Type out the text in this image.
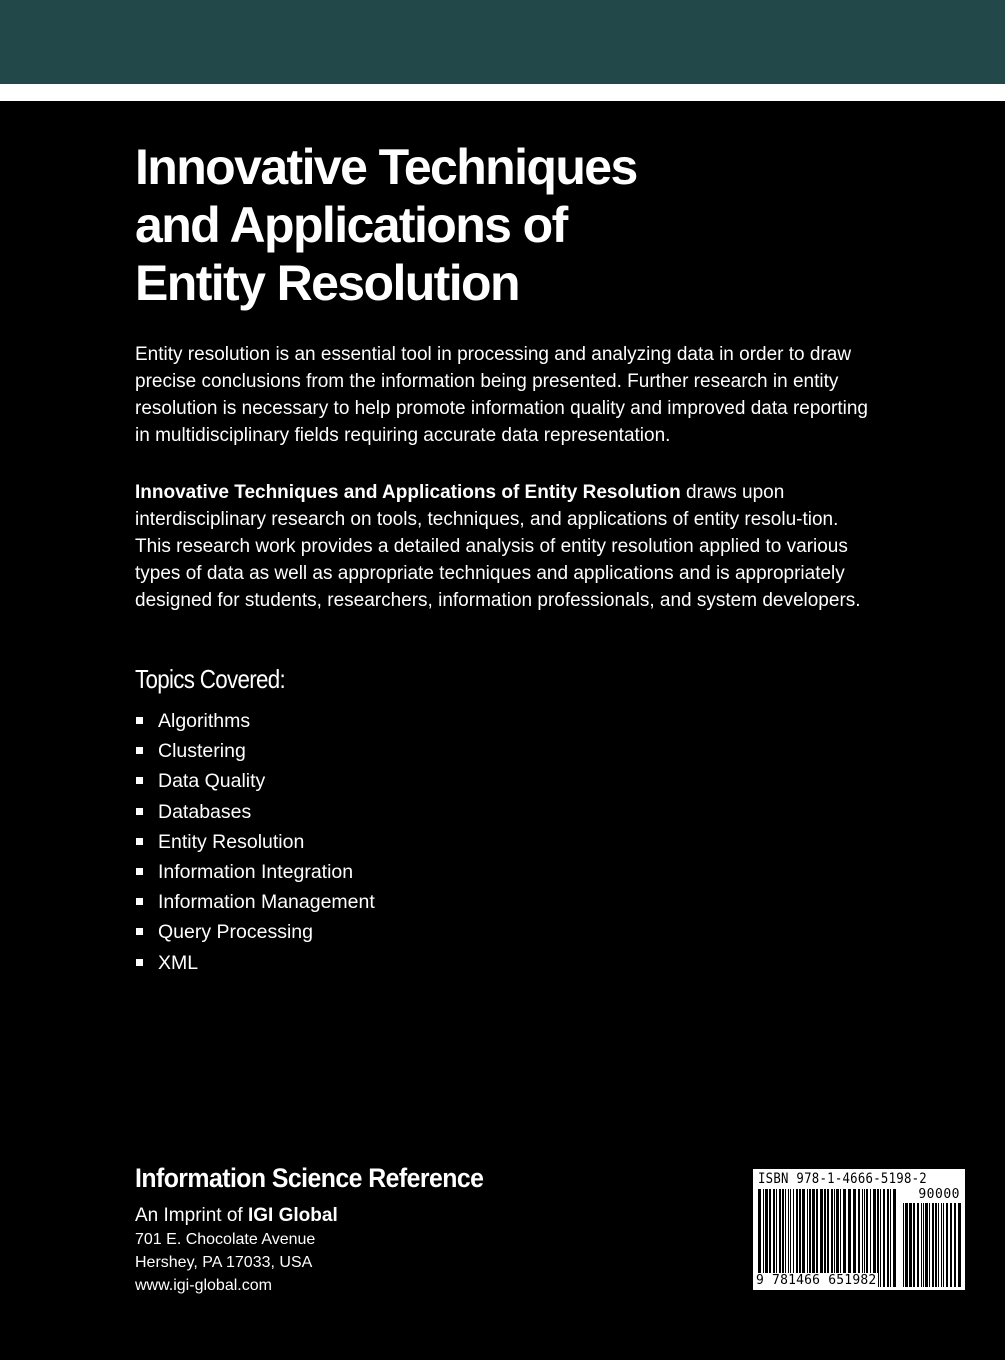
Innovative Techniques
and Applications of
Entity Resolution

Entity resolution is an essential tool in processing and analyzing data in order to draw precise conclusions from the information being presented. Further research in entity resolution is necessary to help promote information quality and improved data reporting in multidisciplinary fields requiring accurate data representation.

Innovative Techniques and Applications of Entity Resolution draws upon interdisciplinary research on tools, techniques, and applications of entity resolu-tion. This research work provides a detailed analysis of entity resolution applied to various types of data as well as appropriate techniques and applications and is appropriately designed for students, researchers, information professionals, and system developers.

Topics Covered:
Algorithms
Clustering
Data Quality
Databases
Entity Resolution
Information Integration
Information Management
Query Processing
XML

Information Science Reference

An Imprint of IGI Global

701 E. Chocolate Avenue

Hershey, PA 17033, USA

www.igi-global.com

ISBN 978-1-4666-5198-2

90000

9 781466 651982
